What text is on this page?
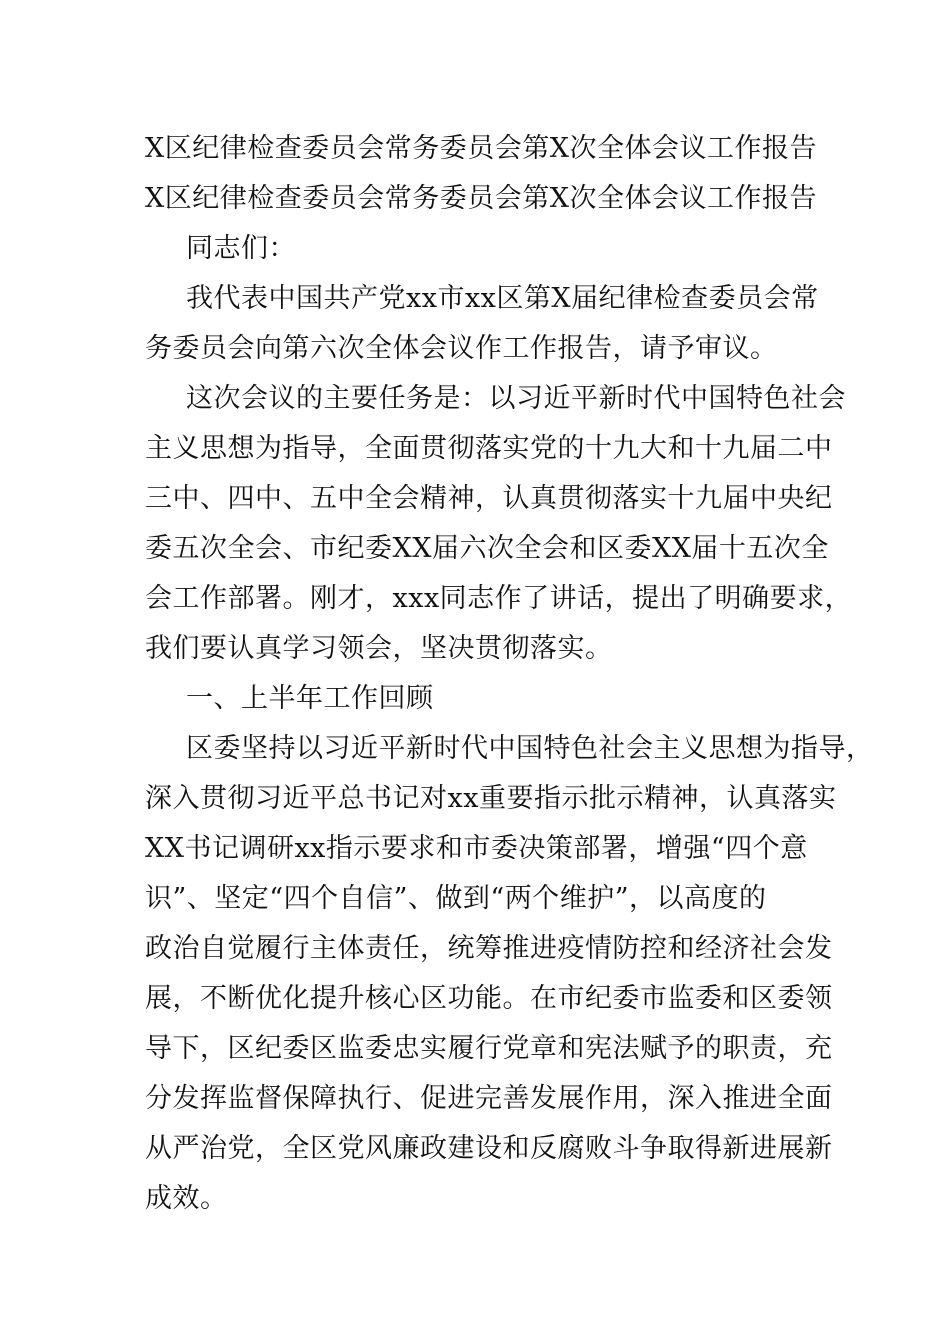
X区纪律检查委员会常务委员会第X次全体会议工作报告
X区纪律检查委员会常务委员会第X次全体会议工作报告
同志们：
我代表中国共产党xx市xx区第X届纪律检查委员会常
务委员会向第六次全体会议作工作报告，请予审议。
这次会议的主要任务是：以习近平新时代中国特色社会
主义思想为指导，全面贯彻落实党的十九大和十九届二中
三中、四中、五中全会精神，认真贯彻落实十九届中央纪
委五次全会、市纪委XX届六次全会和区委XX届十五次全
会工作部署。刚才，xxx同志作了讲话，提出了明确要求，
我们要认真学习领会，坚决贯彻落实。
一、上半年工作回顾
区委坚持以习近平新时代中国特色社会主义思想为指导，
深入贯彻习近平总书记对xx重要指示批示精神，认真落实
XX书记调研xx指示要求和市委决策部署，增强“四个意
识”、坚定“四个自信”、做到“两个维护”，以高度的
政治自觉履行主体责任，统筹推进疫情防控和经济社会发
展，不断优化提升核心区功能。在市纪委市监委和区委领
导下，区纪委区监委忠实履行党章和宪法赋予的职责，充
分发挥监督保障执行、促进完善发展作用，深入推进全面
从严治党，全区党风廉政建设和反腐败斗争取得新进展新
成效。
